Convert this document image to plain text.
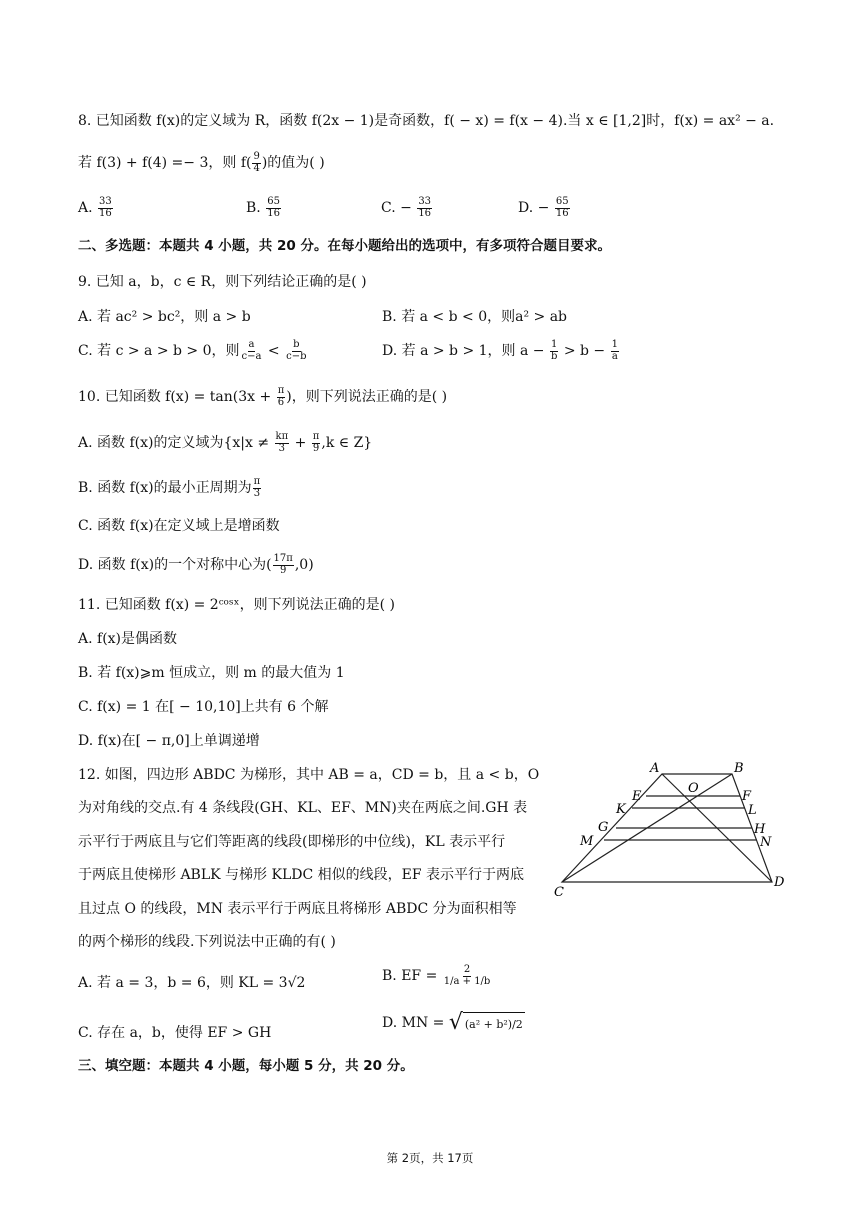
8. 已知函数 f(x)的定义域为 R，函数 f(2x − 1)是奇函数，f( − x) = f(x − 4).当 x ∈ [1,2]时，f(x) = ax² − a.
若 f(3) + f(4) =− 3，则 $f( \frac{9}{4}$ )的值为( )
A. $\frac{33}{16}$	B. $\frac{65}{16}$	C. − $\frac{33}{16}$	D. − $\frac{65}{16}$
二、多选题：本题共 4 小题，共 20 分。在每小题给出的选项中，有多项符合题目要求。
9. 已知 a，b，c ∈ R，则下列结论正确的是( )
A. 若 ac² > bc²，则 a > b	B. 若 a < b < 0，则a² > ab
C. 若 c > a > b > 0，则 $\frac{a}{c-a} < \frac{b}{c-b}$	D. 若 a > b > 1，则 $a - \frac{1}{b} > b - \frac{1}{a}$
10. 已知函数 $f(x) = \tan(3x + \frac{\pi}{6}$ )，则下列说法正确的是( )
A. 函数 f(x)的定义域为{$x|x \ne \frac{k\pi}{3} + \frac{\pi}{9} ,k$ ∈ Z}
B. 函数 f(x)的最小正周期为 $\frac{\pi}{3}$
C. 函数 f(x)在定义域上是增函数
D. 函数 f(x)的一个对称中心为( $\frac{17\pi}{9} ,0$)
11. 已知函数 f(x) = 2ᶜᵒˢˣ，则下列说法正确的是( )
A. f(x)是偶函数
B. 若 f(x)⩾m 恒成立，则 m 的最大值为 1
C. f(x) = 1 在[ − 10,10]上共有 6 个解
D. f(x)在[ − π,0]上单调递增
12. 如图，四边形 ABDC 为梯形，其中 AB = a，CD = b，且 a < b，O
为对角线的交点.有 4 条线段(GH、KL、EF、MN)夹在两底之间.GH 表
示平行于两底且与它们等距离的线段(即梯形的中位线)，KL 表示平行
于两底且使梯形 ABLK 与梯形 KLDC 相似的线段，EF 表示平行于两底
且过点 O 的线段，MN 表示平行于两底且将梯形 ABDC 分为面积相等
的两个梯形的线段.下列说法中正确的有( )
A. 若 a = 3，b = 6，则 KL = 3√2	B. EF = $\frac{2}{1/a + 1/b}$
C. 存在 a，b，使得 EF > GH
D. MN = √ (a² + b²)/2
A	B
O
E	F
K	L
G	H
M	N
C
D
三、填空题：本题共 4 小题，每小题 5 分，共 20 分。
第 2页，共 17页
